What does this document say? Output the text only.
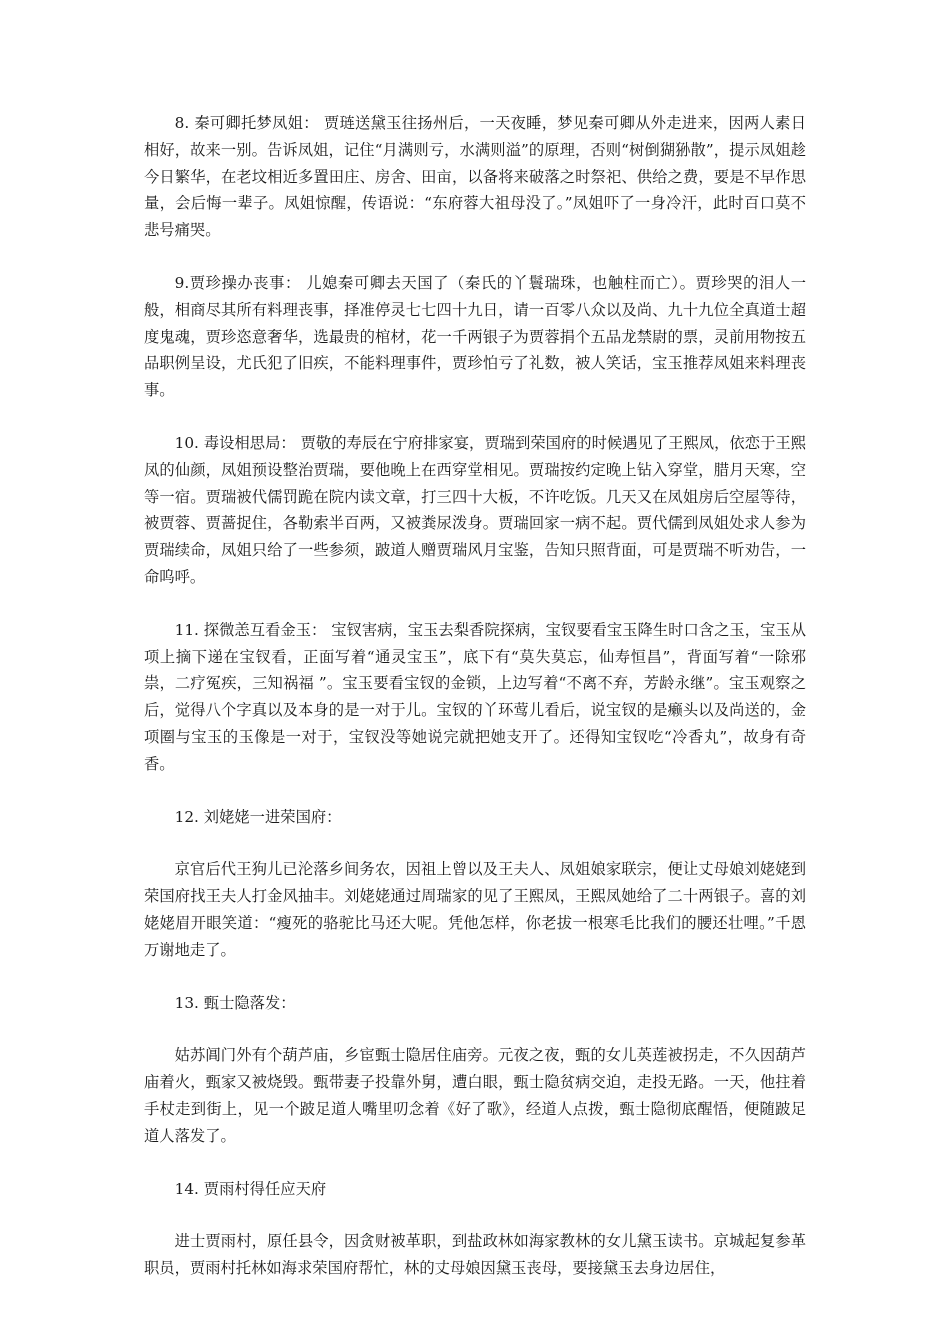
8. 秦可卿托梦凤姐： 贾琏送黛玉往扬州后，一天夜睡，梦见秦可卿从外走进来，因两人素日相好，故来一别。告诉凤姐，记住“月满则亏，水满则溢”的原理，否则“树倒猢狲散”，提示凤姐趁今日繁华，在老坟相近多置田庄、房舍、田亩，以备将来破落之时祭祀、供给之费，要是不早作思量，会后悔一辈子。凤姐惊醒，传语说：“东府蓉大祖母没了。”凤姐吓了一身冷汗，此时百口莫不悲号痛哭。

9.贾珍操办丧事： 儿媳秦可卿去天国了（秦氏的丫鬟瑞珠，也触柱而亡）。贾珍哭的泪人一般，相商尽其所有料理丧事，择准停灵七七四十九日，请一百零八众以及尚、九十九位全真道士超度鬼魂，贾珍恣意奢华，选最贵的棺材，花一千两银子为贾蓉捐个五品龙禁尉的票，灵前用物按五品职例呈设，尤氏犯了旧疾，不能料理事件，贾珍怕亏了礼数，被人笑话，宝玉推荐凤姐来料理丧事。

10. 毒设相思局： 贾敬的寿辰在宁府排家宴，贾瑞到荣国府的时候遇见了王熙凤，依恋于王熙凤的仙颜，凤姐预设整治贾瑞，要他晚上在西穿堂相见。贾瑞按约定晚上钻入穿堂，腊月天寒，空等一宿。贾瑞被代儒罚跪在院内读文章，打三四十大板，不许吃饭。几天又在凤姐房后空屋等待，被贾蓉、贾蔷捉住，各勒索半百两，又被粪尿泼身。贾瑞回家一病不起。贾代儒到凤姐处求人参为贾瑞续命，凤姐只给了一些参须，跛道人赠贾瑞风月宝鉴，告知只照背面，可是贾瑞不听劝告，一命呜呼。

11. 探微恙互看金玉： 宝钗害病，宝玉去梨香院探病，宝钗要看宝玉降生时口含之玉，宝玉从项上摘下递在宝钗看，正面写着“通灵宝玉”，底下有“莫失莫忘，仙寿恒昌”，背面写着“一除邪祟，二疗冤疾，三知祸福 ”。宝玉要看宝钗的金锁，上边写着“不离不弃，芳龄永继”。宝玉观察之后，觉得八个字真以及本身的是一对于儿。宝钗的丫环莺儿看后，说宝钗的是癞头以及尚送的，金项圈与宝玉的玉像是一对于，宝钗没等她说完就把她支开了。还得知宝钗吃“冷香丸”，故身有奇香。

12. 刘姥姥一进荣国府：

京官后代王狗儿已沦落乡间务农，因祖上曾以及王夫人、凤姐娘家联宗，便让丈母娘刘姥姥到荣国府找王夫人打金风抽丰。刘姥姥通过周瑞家的见了王熙凤，王熙凤她给了二十两银子。喜的刘姥姥眉开眼笑道：“瘦死的骆驼比马还大呢。凭他怎样，你老拔一根寒毛比我们的腰还壮哩。”千恩万谢地走了。

13. 甄士隐落发：

姑苏阊门外有个葫芦庙，乡宦甄士隐居住庙旁。元夜之夜，甄的女儿英莲被拐走，不久因葫芦庙着火，甄家又被烧毁。甄带妻子投靠外舅，遭白眼，甄士隐贫病交迫，走投无路。一天，他拄着手杖走到街上，见一个跛足道人嘴里叨念着《好了歌》，经道人点拨，甄士隐彻底醒悟，便随跛足道人落发了。

14. 贾雨村得任应天府

进士贾雨村，原任县令，因贪财被革职，到盐政林如海家教林的女儿黛玉读书。京城起复参革职员，贾雨村托林如海求荣国府帮忙，林的丈母娘因黛玉丧母，要接黛玉去身边居住，
